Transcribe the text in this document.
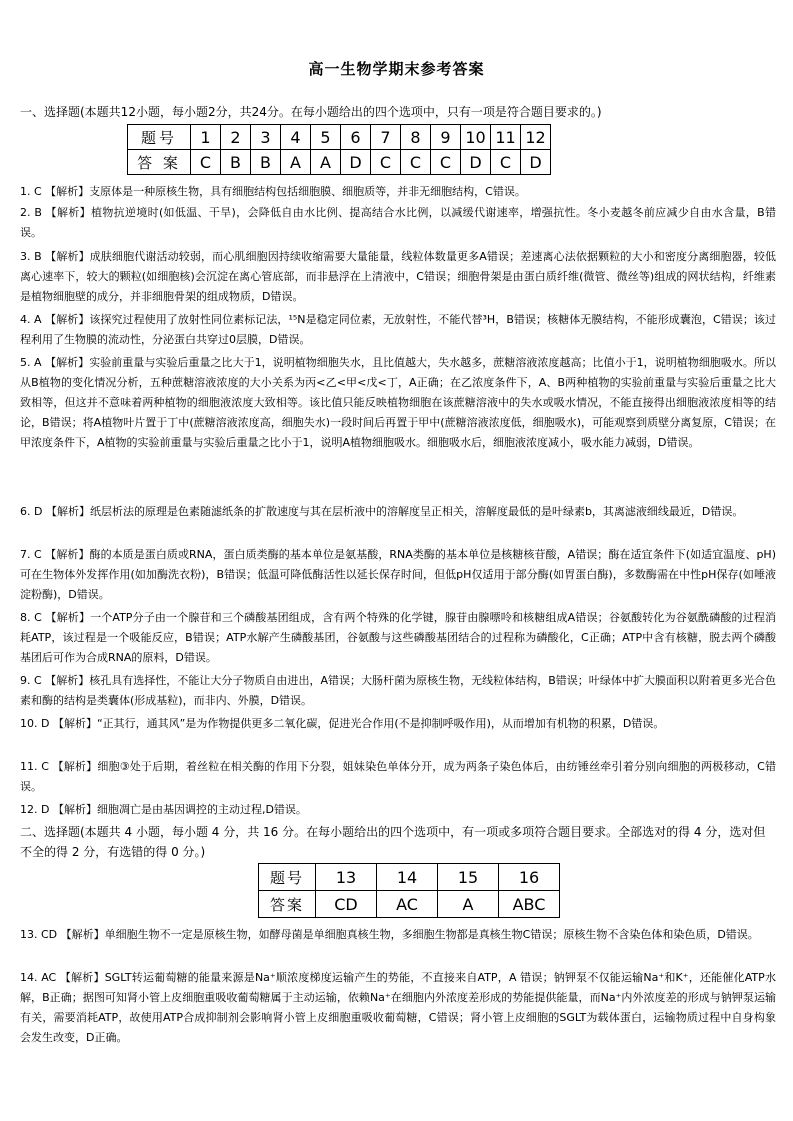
高一生物学期末参考答案
一、选择题(本题共12小题，每小题2分，共24分。在每小题给出的四个选项中，只有一项是符合题目要求的。)
题号	1	2	3	4	5	6	7	8	9	10	11	12
答 案	C	B	B	A	A	D	C	C	C	D	C	D
1. C 【解析】支原体是一种原核生物，具有细胞结构包括细胞膜、细胞质等，并非无细胞结构，C错误。
2. B 【解析】植物抗逆境时(如低温、干旱)，会降低自由水比例、提高结合水比例，以减缓代谢速率，增强抗性。冬小麦越冬前应减少自由水含量，B错误。
3. B 【解析】成肤细胞代谢活动较弱，而心肌细胞因持续收缩需要大量能量，线粒体数量更多A错误；差速离心法依据颗粒的大小和密度分离细胞器，较低离心速率下，较大的颗粒(如细胞核)会沉淀在离心管底部，而非悬浮在上清液中，C错误；细胞骨架是由蛋白质纤维(微管、微丝等)组成的网状结构，纤维素是植物细胞壁的成分，并非细胞骨架的组成物质，D错误。
4. A 【解析】该探究过程使用了放射性同位素标记法，¹⁵N是稳定同位素，无放射性，不能代替³H，B错误；核糖体无膜结构，不能形成囊泡，C错误；该过程利用了生物膜的流动性，分泌蛋白共穿过0层膜，D错误。
5. A 【解析】实验前重量与实验后重量之比大于1，说明植物细胞失水，且比值越大，失水越多，蔗糖溶液浓度越高；比值小于1，说明植物细胞吸水。所以从B植物的变化情况分析，五种蔗糖溶液浓度的大小关系为丙<乙<甲<戊<丁，A正确；在乙浓度条件下，A、B两种植物的实验前重量与实验后重量之比大致相等，但这并不意味着两种植物的细胞液浓度大致相等。该比值只能反映植物细胞在该蔗糖溶液中的失水或吸水情况，不能直接得出细胞液浓度相等的结论，B错误；将A植物叶片置于丁中(蔗糖溶液浓度高，细胞失水)一段时间后再置于甲中(蔗糖溶液浓度低，细胞吸水)，可能观察到质壁分离复原，C错误；在甲浓度条件下，A植物的实验前重量与实验后重量之比小于1，说明A植物细胞吸水。细胞吸水后，细胞液浓度减小，吸水能力减弱，D错误。
6. D 【解析】纸层析法的原理是色素随滤纸条的扩散速度与其在层析液中的溶解度呈正相关，溶解度最低的是叶绿素b，其离滤液细线最近，D错误。
7. C 【解析】酶的本质是蛋白质或RNA，蛋白质类酶的基本单位是氨基酸，RNA类酶的基本单位是核糖核苷酸，A错误；酶在适宜条件下(如适宜温度、pH)可在生物体外发挥作用(如加酶洗衣粉)，B错误；低温可降低酶活性以延长保存时间，但低pH仅适用于部分酶(如胃蛋白酶)，多数酶需在中性pH保存(如唾液淀粉酶)，D错误。
8. C 【解析】一个ATP分子由一个腺苷和三个磷酸基团组成，含有两个特殊的化学键，腺苷由腺嘌呤和核糖组成A错误；谷氨酸转化为谷氨酰磷酸的过程消耗ATP，该过程是一个吸能反应，B错误；ATP水解产生磷酸基团，谷氨酸与这些磷酸基团结合的过程称为磷酸化，C正确；ATP中含有核糖，脱去两个磷酸基团后可作为合成RNA的原料，D错误。
9. C 【解析】核孔具有选择性，不能让大分子物质自由进出，A错误；大肠杆菌为原核生物，无线粒体结构，B错误；叶绿体中扩大膜面积以附着更多光合色素和酶的结构是类囊体(形成基粒)，而非内、外膜，D错误。
10. D 【解析】“正其行，通其风”是为作物提供更多二氧化碳，促进光合作用(不是抑制呼吸作用)，从而增加有机物的积累，D错误。
11. C 【解析】细胞③处于后期，着丝粒在相关酶的作用下分裂，姐妹染色单体分开，成为两条子染色体后，由纺锤丝牵引着分别向细胞的两极移动，C错误。
12. D 【解析】细胞凋亡是由基因调控的主动过程,D错误。
二、选择题(本题共 4 小题，每小题 4 分，共 16 分。在每小题给出的四个选项中，有一项或多项符合题目要求。全部选对的得 4 分，选对但不全的得 2 分，有选错的得 0 分。)
题号	13	14	15	16
答案	CD	AC	A	ABC
13. CD 【解析】单细胞生物不一定是原核生物，如酵母菌是单细胞真核生物，多细胞生物都是真核生物C错误；原核生物不含染色体和染色质，D错误。
14. AC 【解析】SGLT转运葡萄糖的能量来源是Na⁺顺浓度梯度运输产生的势能，不直接来自ATP，A 错误；钠钾泵不仅能运输Na⁺和K⁺，还能催化ATP水解，B正确；据图可知肾小管上皮细胞重吸收葡萄糖属于主动运输，依赖Na⁺在细胞内外浓度差形成的势能提供能量，而Na⁺内外浓度差的形成与钠钾泵运输有关，需要消耗ATP，故使用ATP合成抑制剂会影响肾小管上皮细胞重吸收葡萄糖，C错误；肾小管上皮细胞的SGLT为载体蛋白，运输物质过程中自身构象会发生改变，D正确。
